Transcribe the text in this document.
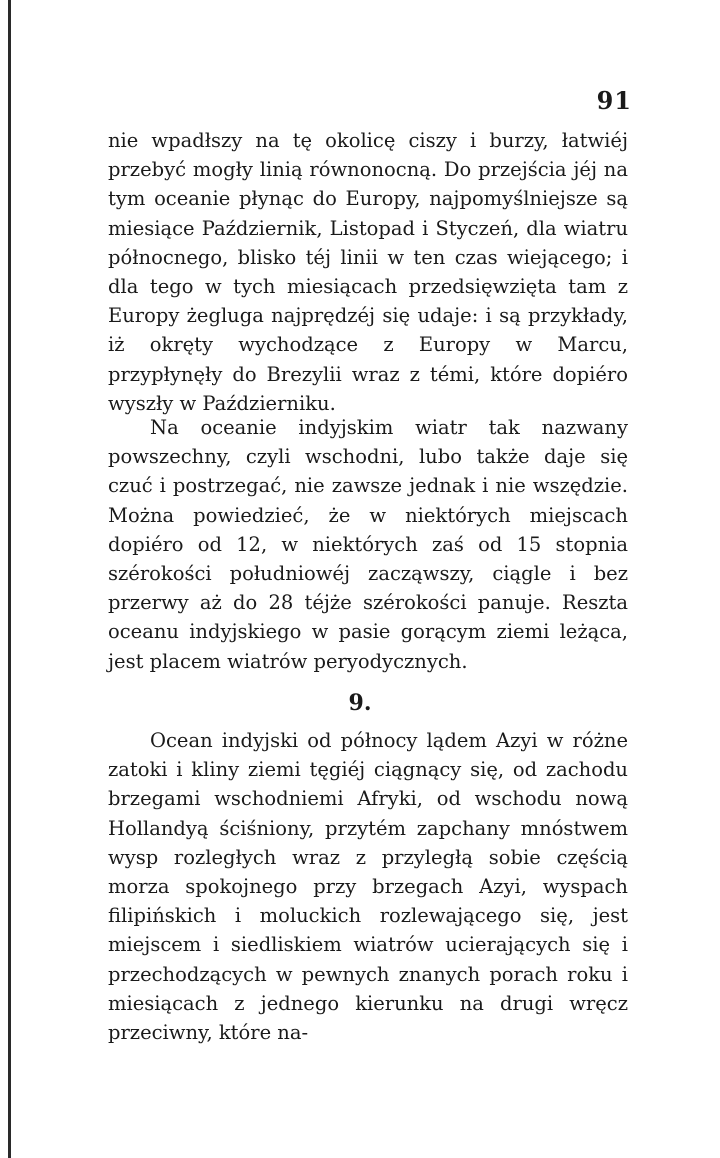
91

nie wpadłszy na tę okolicę ciszy i burzy, łatwiéj przebyć mogły linią równonocną. Do przejścia jéj na tym oceanie płynąc do Europy, najpomyślniejsze są miesiące Październik, Listopad i Styczeń, dla wiatru północnego, blisko téj linii w ten czas wiejącego; i dla tego w tych miesiącach przedsięwzięta tam z Europy żegluga najprędzéj się udaje: i są przykłady, iż okręty wychodzące z Europy w Marcu, przypłynęły do Brezylii wraz z témi, które dopiéro wyszły w Październiku.

Na oceanie indyjskim wiatr tak nazwany powszechny, czyli wschodni, lubo także daje się czuć i postrzegać, nie zawsze jednak i nie wszędzie. Można powiedzieć, że w niektórych miejscach dopiéro od 12, w niektórych zaś od 15 stopnia szérokości południowéj zacząwszy, ciągle i bez przerwy aż do 28 téjże szérokości panuje. Reszta oceanu indyjskiego w pasie gorącym ziemi leżąca, jest placem wiatrów peryodycznych.

9.

Ocean indyjski od północy lądem Azyi w różne zatoki i kliny ziemi tęgiéj ciągnący się, od zachodu brzegami wschodniemi Afryki, od wschodu nową Hollandyą ściśniony, przytém zapchany mnóstwem wysp rozległych wraz z przyległą sobie częścią morza spokojnego przy brzegach Azyi, wyspach filipińskich i moluckich rozlewającego się, jest miejscem i siedliskiem wiatrów ucierających się i przechodzących w pewnych znanych porach roku i miesiącach z jednego kierunku na drugi wręcz przeciwny, które na-
